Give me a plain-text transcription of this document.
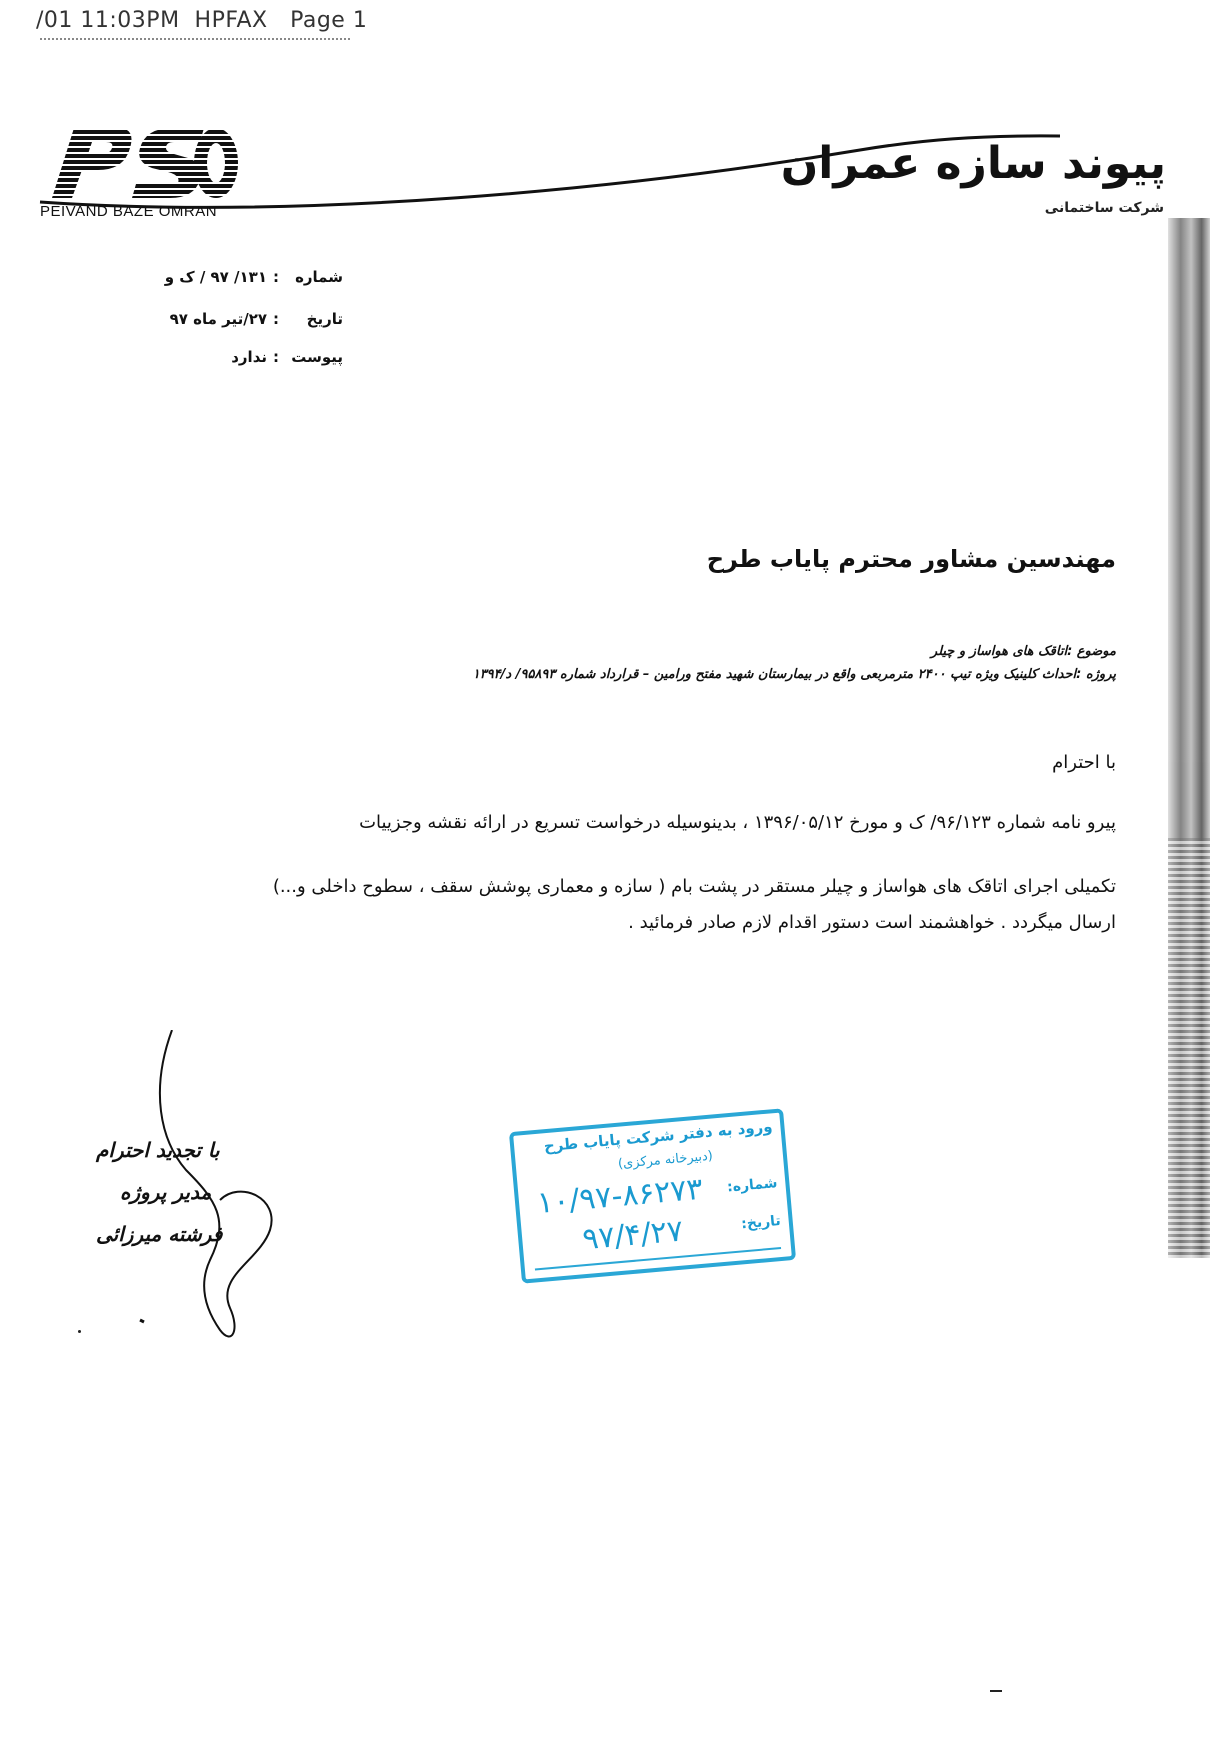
/01 11:03PM  HPFAX   Page 1
PEIVAND BAZE OMRAN
پیوند سازه عمران
شرکت ساختمانی
شماره:۱۳۱/ ۹۷ / ک و
تاریخ:۲۷/تیر ماه ۹۷
پیوست:ندارد
مهندسین مشاور محترم پایاب طرح
موضوع :اتاقک های هواساز و چیلر
پروژه :احداث کلینیک ویژه تیپ ۲۴۰۰ مترمربعی واقع در بیمارستان شهید مفتح ورامین – قرارداد شماره ۹۵۸۹۳/ د/۱۳۹۴
با احترام
پیرو نامه شماره ۹۶/۱۲۳/ ک و مورخ ۱۳۹۶/۰۵/۱۲ ، بدینوسیله درخواست تسریع در ارائه نقشه وجزییات
تکمیلی اجرای اتاقک های هواساز و چیلر مستقر در پشت بام ( سازه و معماری پوشش سقف ، سطوح داخلی و...)
ارسال میگردد . خواهشمند است دستور اقدام لازم صادر فرمائید .
با تجدید احترام
مدیر پروژه
فرشته میرزائی
ورود به دفتر شرکت پایاب طرح
(دبیرخانه مرکزی)
شماره:
۱۰/۹۷-۸۶۲۷۳
تاریخ:
۹۷/۴/۲۷
